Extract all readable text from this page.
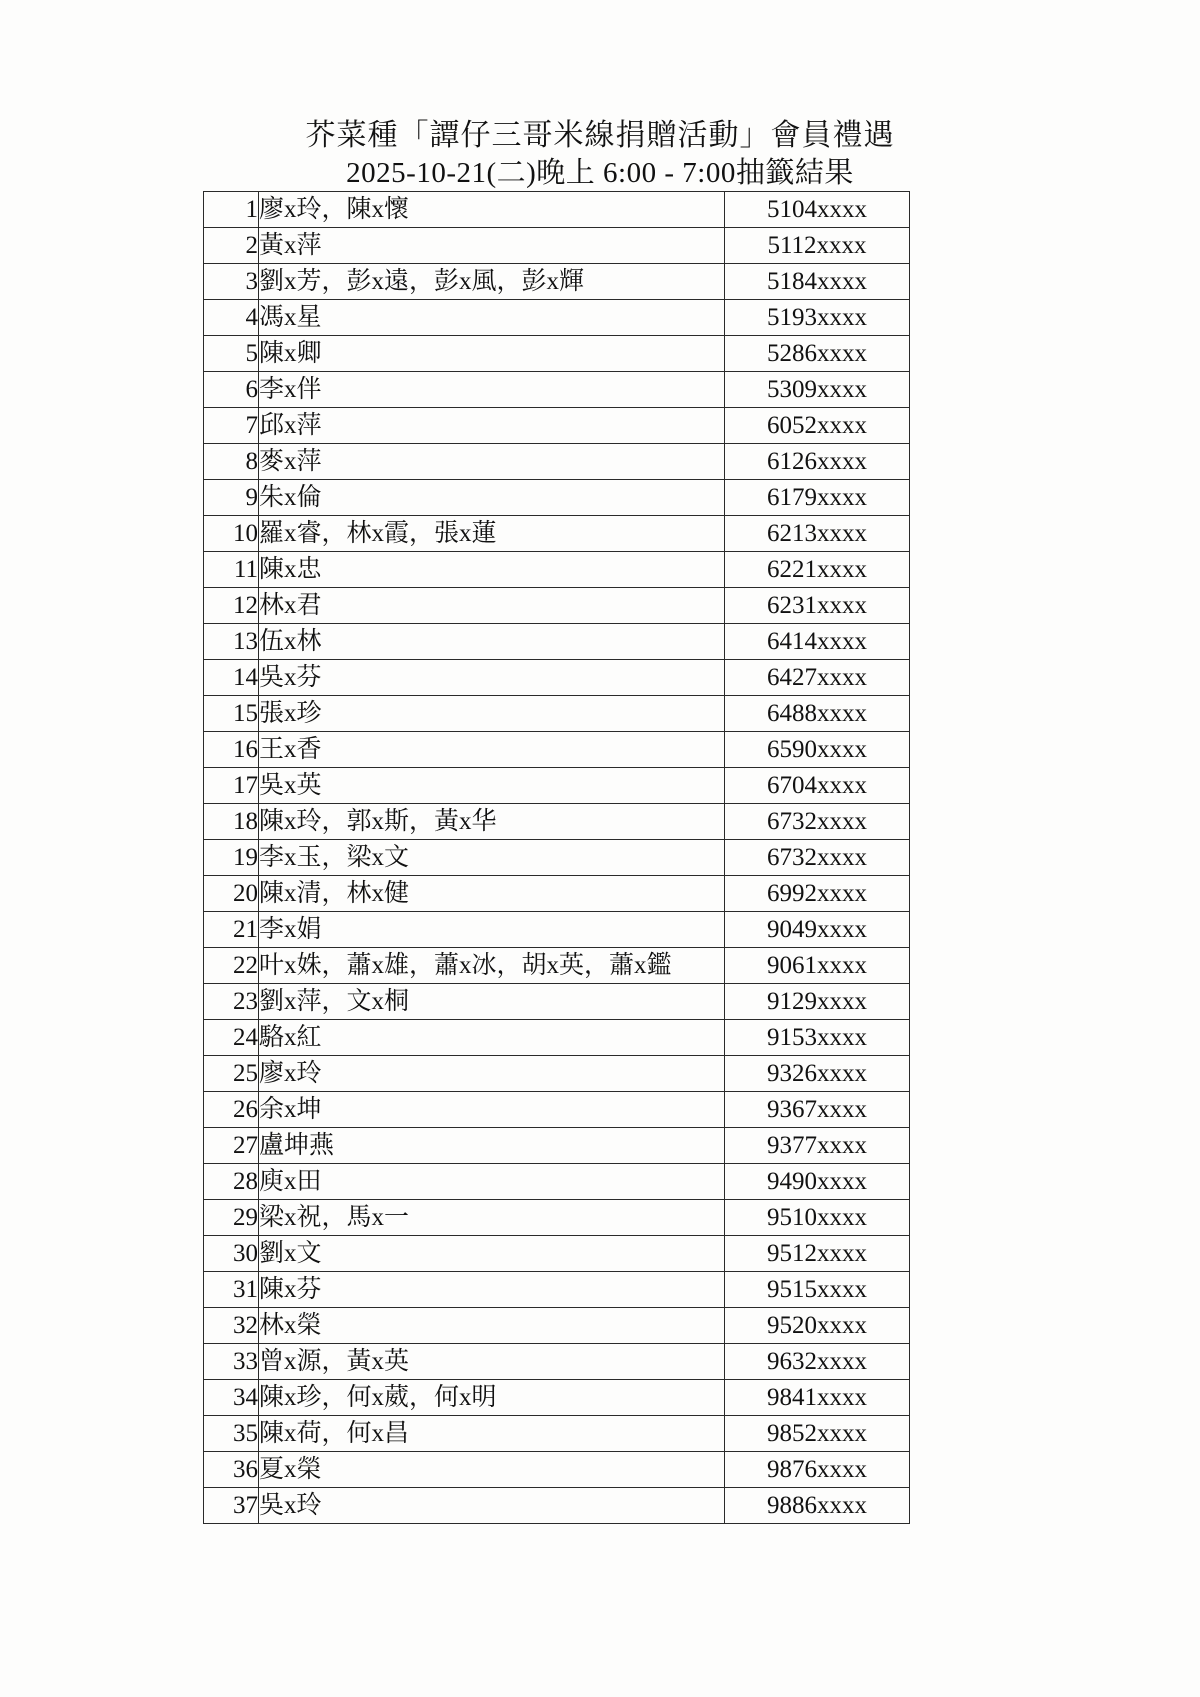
芥菜種「譚仔三哥米線捐贈活動」會員禮遇
2025-10-21(二)晚上 6:00 - 7:00抽籤結果
1	廖x玲，陳x懷	5104xxxx
2	黃x萍	5112xxxx
3	劉x芳，彭x遠，彭x風，彭x輝	5184xxxx
4	馮x星	5193xxxx
5	陳x卿	5286xxxx
6	李x伴	5309xxxx
7	邱x萍	6052xxxx
8	麥x萍	6126xxxx
9	朱x倫	6179xxxx
10	羅x睿，林x霞，張x蓮	6213xxxx
11	陳x忠	6221xxxx
12	林x君	6231xxxx
13	伍x林	6414xxxx
14	吳x芬	6427xxxx
15	張x珍	6488xxxx
16	王x香	6590xxxx
17	吳x英	6704xxxx
18	陳x玲，郭x斯，黃x华	6732xxxx
19	李x玉，梁x文	6732xxxx
20	陳x清，林x健	6992xxxx
21	李x娟	9049xxxx
22	叶x姝，蕭x雄，蕭x冰，胡x英，蕭x鑑	9061xxxx
23	劉x萍，文x桐	9129xxxx
24	駱x紅	9153xxxx
25	廖x玲	9326xxxx
26	余x坤	9367xxxx
27	盧坤燕	9377xxxx
28	庾x田	9490xxxx
29	梁x祝，馬x一	9510xxxx
30	劉x文	9512xxxx
31	陳x芬	9515xxxx
32	林x榮	9520xxxx
33	曾x源，黃x英	9632xxxx
34	陳x珍，何x葳，何x明	9841xxxx
35	陳x荷，何x昌	9852xxxx
36	夏x榮	9876xxxx
37	吳x玲	9886xxxx
